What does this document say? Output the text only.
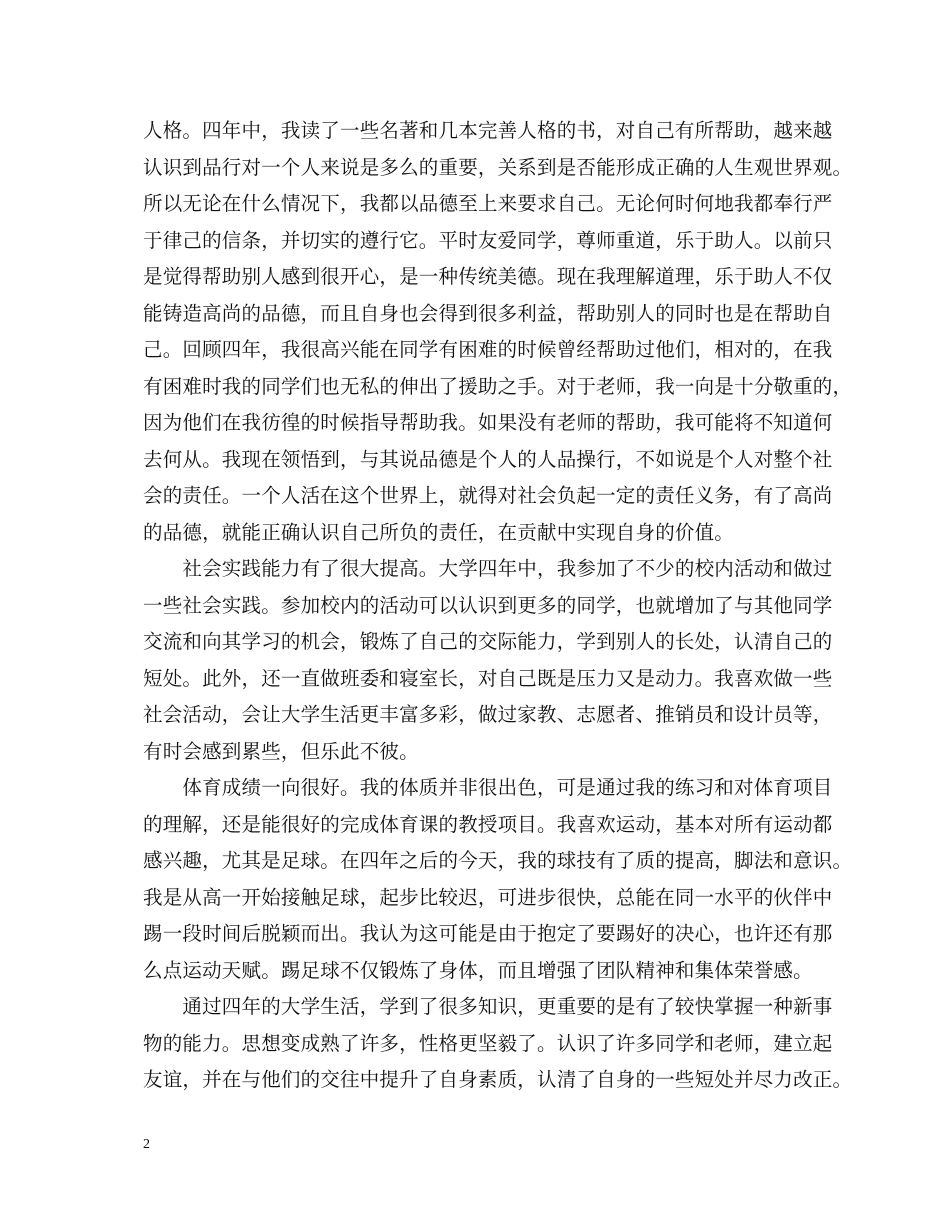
人格。四年中，我读了一些名著和几本完善人格的书，对自己有所帮助，越来越
认识到品行对一个人来说是多么的重要，关系到是否能形成正确的人生观世界观。
所以无论在什么情况下，我都以品德至上来要求自己。无论何时何地我都奉行严
于律己的信条，并切实的遵行它。平时友爱同学，尊师重道，乐于助人。以前只
是觉得帮助别人感到很开心，是一种传统美德。现在我理解道理，乐于助人不仅
能铸造高尚的品德，而且自身也会得到很多利益，帮助别人的同时也是在帮助自
己。回顾四年，我很高兴能在同学有困难的时候曾经帮助过他们，相对的，在我
有困难时我的同学们也无私的伸出了援助之手。对于老师，我一向是十分敬重的，
因为他们在我彷徨的时候指导帮助我。如果没有老师的帮助，我可能将不知道何
去何从。我现在领悟到，与其说品德是个人的人品操行，不如说是个人对整个社
会的责任。一个人活在这个世界上，就得对社会负起一定的责任义务，有了高尚
的品德，就能正确认识自己所负的责任，在贡献中实现自身的价值。
　　社会实践能力有了很大提高。大学四年中，我参加了不少的校内活动和做过
一些社会实践。参加校内的活动可以认识到更多的同学，也就增加了与其他同学
交流和向其学习的机会，锻炼了自己的交际能力，学到别人的长处，认清自己的
短处。此外，还一直做班委和寝室长，对自己既是压力又是动力。我喜欢做一些
社会活动，会让大学生活更丰富多彩，做过家教、志愿者、推销员和设计员等，
有时会感到累些，但乐此不彼。
　　体育成绩一向很好。我的体质并非很出色，可是通过我的练习和对体育项目
的理解，还是能很好的完成体育课的教授项目。我喜欢运动，基本对所有运动都
感兴趣，尤其是足球。在四年之后的今天，我的球技有了质的提高，脚法和意识。
我是从高一开始接触足球，起步比较迟，可进步很快，总能在同一水平的伙伴中
踢一段时间后脱颖而出。我认为这可能是由于抱定了要踢好的决心，也许还有那
么点运动天赋。踢足球不仅锻炼了身体，而且增强了团队精神和集体荣誉感。
　　通过四年的大学生活，学到了很多知识，更重要的是有了较快掌握一种新事
物的能力。思想变成熟了许多，性格更坚毅了。认识了许多同学和老师，建立起
友谊，并在与他们的交往中提升了自身素质，认清了自身的一些短处并尽力改正。
2
